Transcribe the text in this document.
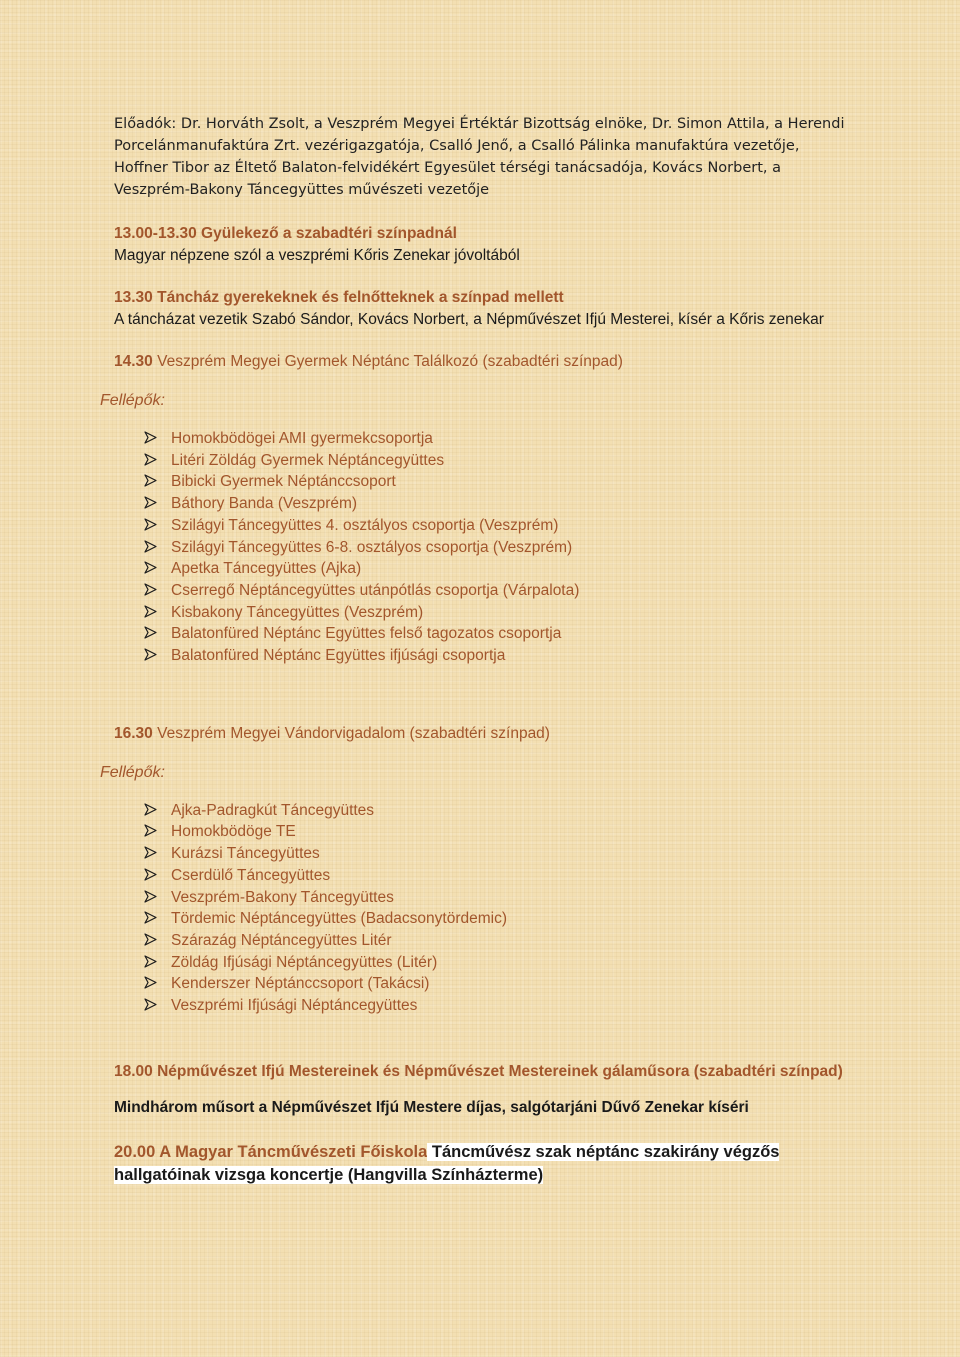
Előadók: Dr. Horváth Zsolt, a Veszprém Megyei Értéktár Bizottság elnöke, Dr. Simon Attila, a Herendi
Porcelánmanufaktúra Zrt. vezérigazgatója, Csalló Jenő, a Csalló Pálinka manufaktúra vezetője,
Hoffner Tibor az Éltető Balaton-felvidékért Egyesület térségi tanácsadója, Kovács Norbert, a
Veszprém-Bakony Táncegyüttes művészeti vezetője

13.00-13.30 Gyülekező a szabadtéri színpadnál
Magyar népzene szól a veszprémi Kőris Zenekar jóvoltából
13.30 Táncház gyerekeknek és felnőtteknek a színpad mellett
A táncházat vezetik Szabó Sándor, Kovács Norbert, a Népművészet Ifjú Mesterei, kísér a Kőris zenekar
14.30 Veszprém Megyei Gyermek Néptánc Találkozó (szabadtéri színpad)
Fellépők:
Homokbödögei AMI gyermekcsoportja
Litéri Zöldág Gyermek Néptáncegyüttes
Bibicki Gyermek Néptánccsoport
Báthory Banda (Veszprém)
Szilágyi Táncegyüttes 4. osztályos csoportja (Veszprém)
Szilágyi Táncegyüttes 6-8. osztályos csoportja (Veszprém)
Apetka Táncegyüttes (Ajka)
Cserregő Néptáncegyüttes utánpótlás csoportja (Várpalota)
Kisbakony Táncegyüttes (Veszprém)
Balatonfüred Néptánc Együttes felső tagozatos csoportja
Balatonfüred Néptánc Együttes ifjúsági csoportja
16.30 Veszprém Megyei Vándorvigadalom (szabadtéri színpad)
Fellépők:
Ajka-Padragkút Táncegyüttes
Homokbödöge TE
Kurázsi Táncegyüttes
Cserdülő Táncegyüttes
Veszprém-Bakony Táncegyüttes
Tördemic Néptáncegyüttes (Badacsonytördemic)
Szárazág Néptáncegyüttes Litér
Zöldág Ifjúsági Néptáncegyüttes (Litér)
Kenderszer Néptánccsoport (Takácsi)
Veszprémi Ifjúsági Néptáncegyüttes
18.00 Népművészet Ifjú Mestereinek és Népművészet Mestereinek gálaműsora (szabadtéri színpad)
Mindhárom műsort a Népművészet Ifjú Mestere díjas, salgótarjáni Dűvő Zenekar kíséri
20.00 A Magyar Táncművészeti Főiskola Táncművész szak néptánc szakirány végzős
hallgatóinak vizsga koncertje (Hangvilla Színházterme)
